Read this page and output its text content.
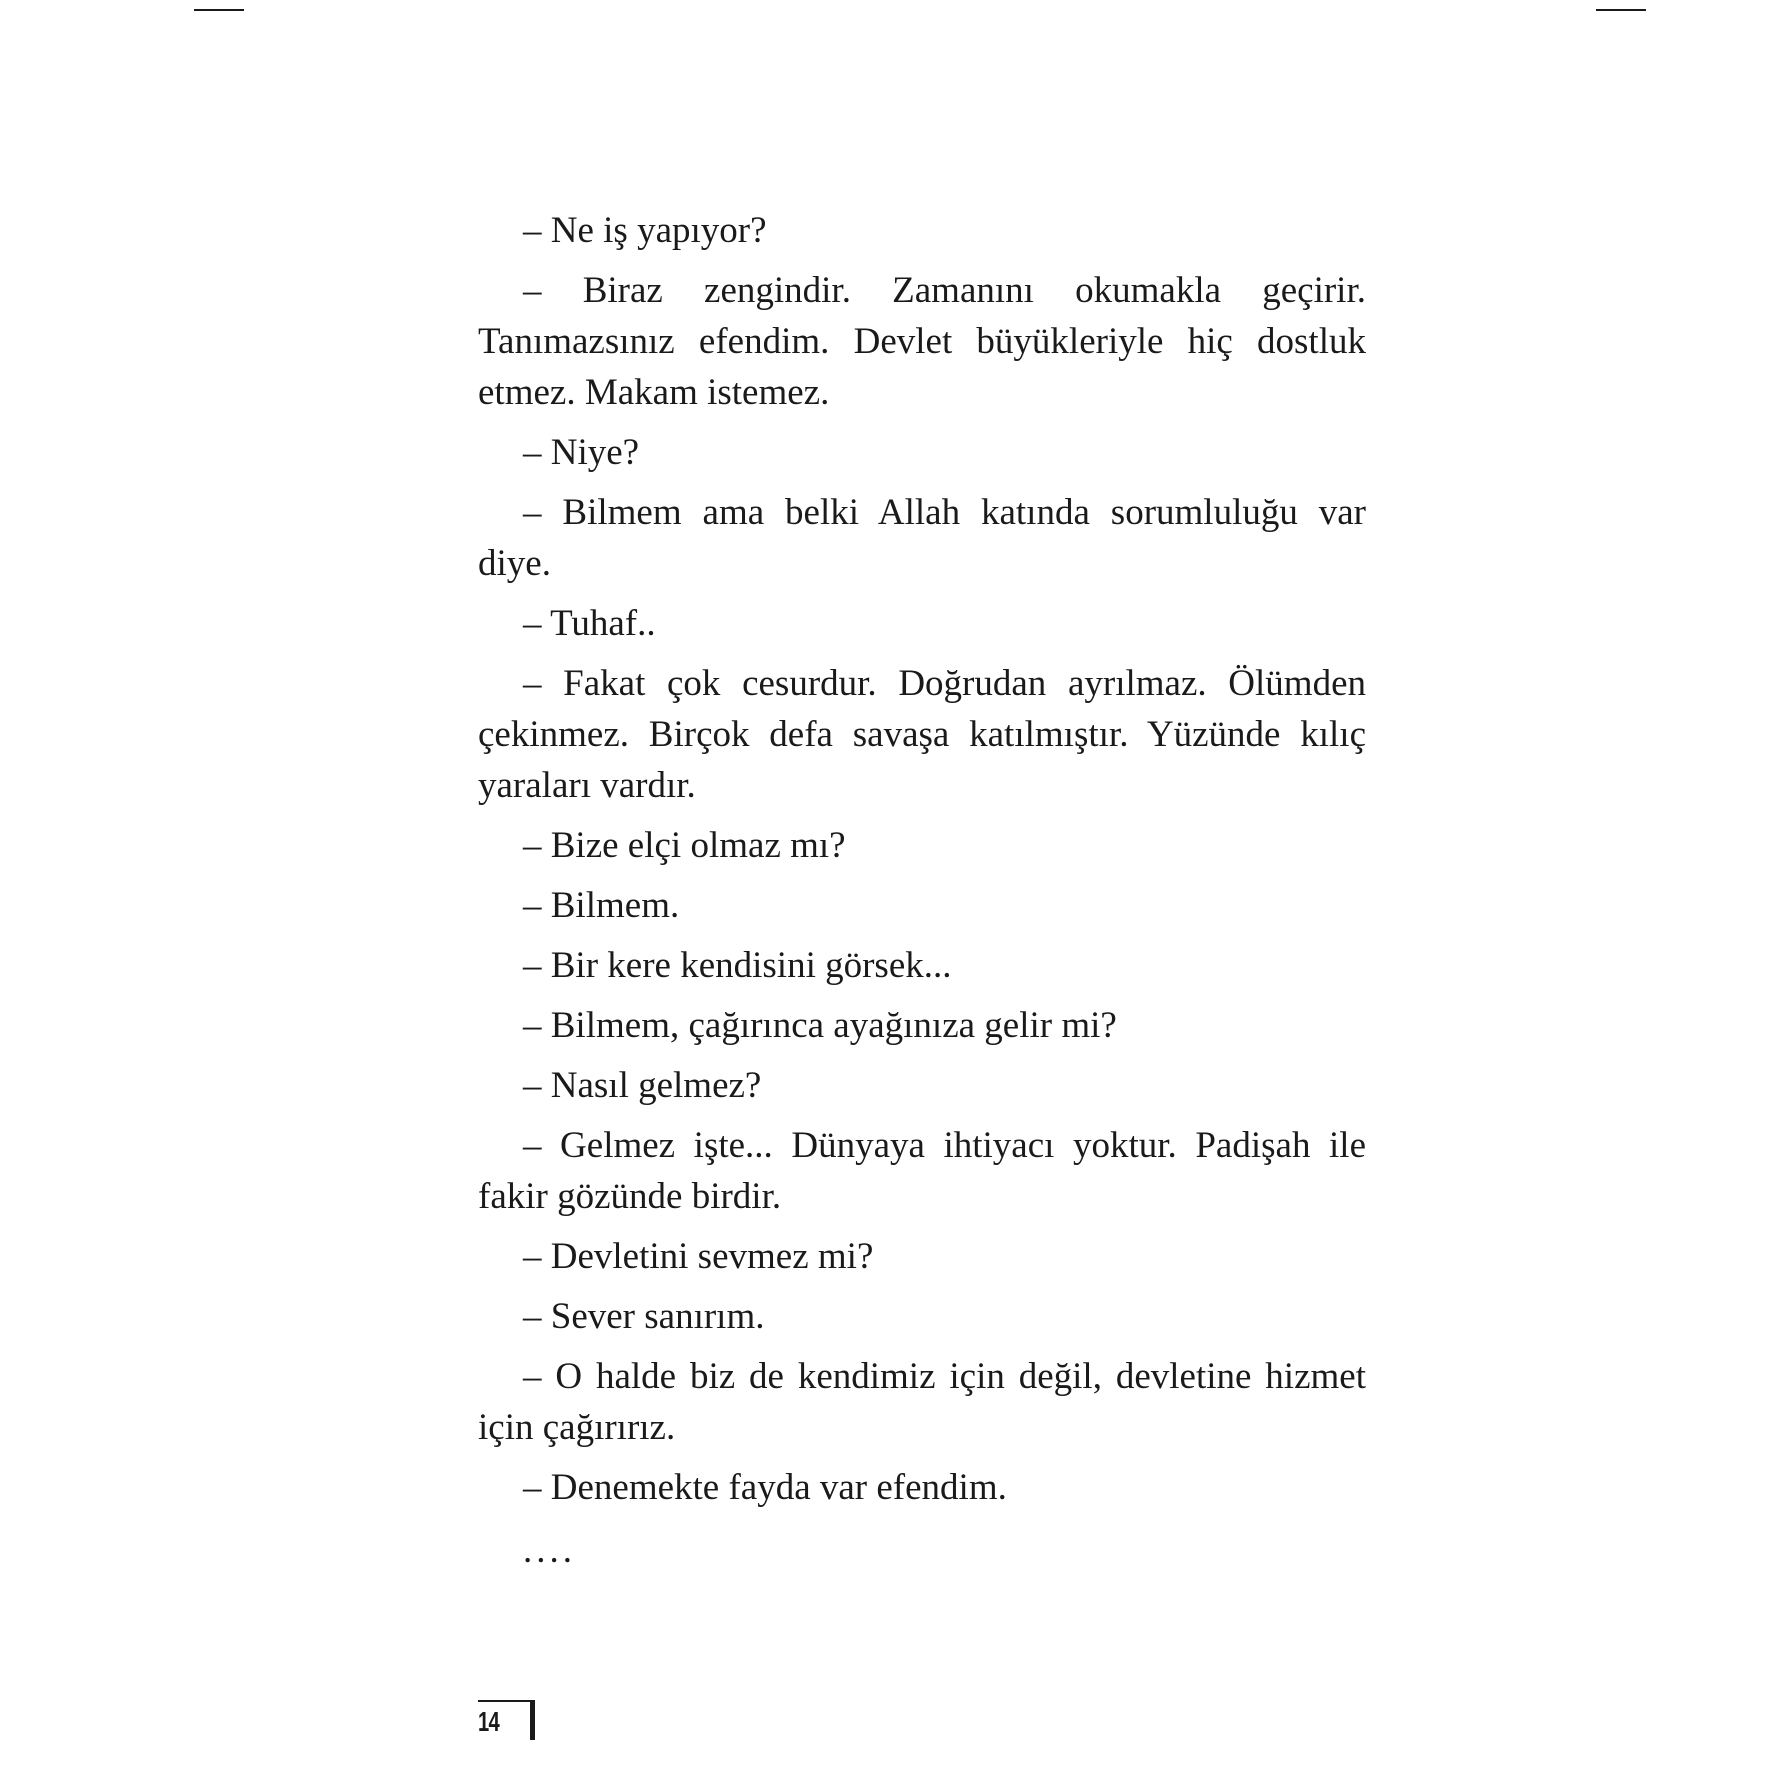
– Ne iş yapıyor?

– Biraz zengindir. Zamanını okumakla geçirir. Tanımazsınız efendim. Devlet büyükleriyle hiç dostluk etmez. Makam istemez.

– Niye?

– Bilmem ama belki Allah katında sorumluluğu var diye.

– Tuhaf..

– Fakat çok cesurdur. Doğrudan ayrılmaz. Ölümden çekinmez. Birçok defa savaşa katılmıştır. Yüzünde kılıç yaraları vardır.

– Bize elçi olmaz mı?

– Bilmem.

– Bir kere kendisini görsek...

– Bilmem, çağırınca ayağınıza gelir mi?

– Nasıl gelmez?

– Gelmez işte... Dünyaya ihtiyacı yoktur. Padişah ile fakir gözünde birdir.

– Devletini sevmez mi?

– Sever sanırım.

– O halde biz de kendimiz için değil, devletine hizmet için çağırırız.

– Denemekte fayda var efendim.

....

14
